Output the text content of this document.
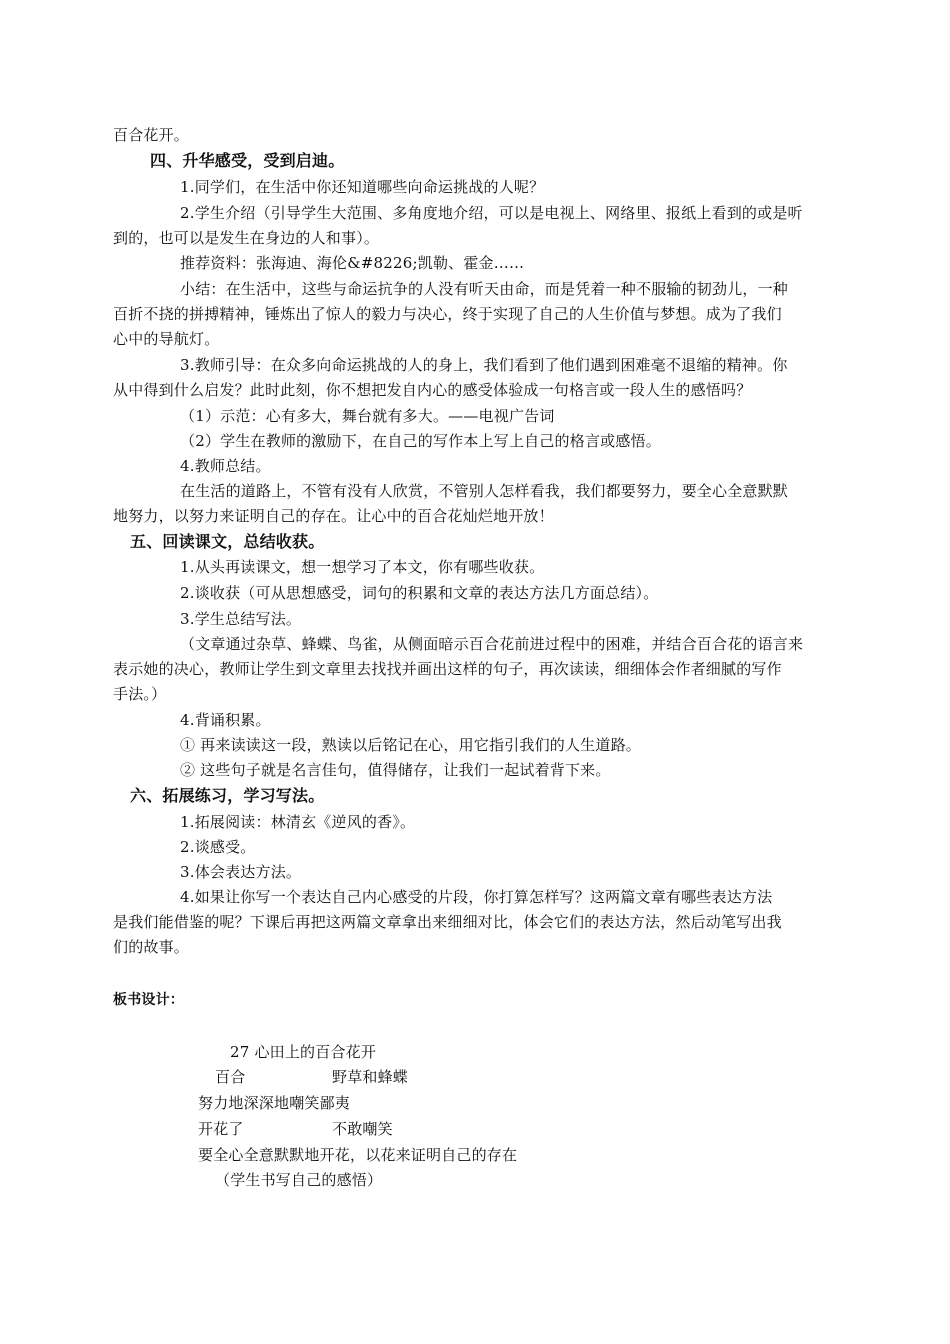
百合花开。
四、升华感受，受到启迪。
1.同学们，在生活中你还知道哪些向命运挑战的人呢？
2.学生介绍（引导学生大范围、多角度地介绍，可以是电视上、网络里、报纸上看到的或是听
到的，也可以是发生在身边的人和事）。
推荐资料：张海迪、海伦&#8226;凯勒、霍金……
小结：在生活中，这些与命运抗争的人没有听天由命，而是凭着一种不服输的韧劲儿，一种
百折不挠的拼搏精神，锤炼出了惊人的毅力与决心，终于实现了自己的人生价值与梦想。成为了我们
心中的导航灯。
3.教师引导：在众多向命运挑战的人的身上，我们看到了他们遇到困难毫不退缩的精神。你
从中得到什么启发？此时此刻，你不想把发自内心的感受体验成一句格言或一段人生的感悟吗？
（1）示范：心有多大，舞台就有多大。——电视广告词
（2）学生在教师的激励下，在自己的写作本上写上自己的格言或感悟。
4.教师总结。
在生活的道路上，不管有没有人欣赏，不管别人怎样看我，我们都要努力，要全心全意默默
地努力，以努力来证明自己的存在。让心中的百合花灿烂地开放！
五、回读课文，总结收获。
1.从头再读课文，想一想学习了本文，你有哪些收获。
2.谈收获（可从思想感受，词句的积累和文章的表达方法几方面总结）。
3.学生总结写法。
（文章通过杂草、蜂蝶、鸟雀，从侧面暗示百合花前进过程中的困难，并结合百合花的语言来
表示她的决心，教师让学生到文章里去找找并画出这样的句子，再次读读，细细体会作者细腻的写作
手法。）
4.背诵积累。
① 再来读读这一段，熟读以后铭记在心，用它指引我们的人生道路。
② 这些句子就是名言佳句，值得储存，让我们一起试着背下来。
六、拓展练习，学习写法。
1.拓展阅读：林清玄《逆风的香》。
2.谈感受。
3.体会表达方法。
4.如果让你写一个表达自己内心感受的片段，你打算怎样写？这两篇文章有哪些表达方法
是我们能借鉴的呢？下课后再把这两篇文章拿出来细细对比，体会它们的表达方法，然后动笔写出我
们的故事。
板书设计：
27 心田上的百合花开
百合	野草和蜂蝶
努力地深深地嘲笑鄙夷
开花了	不敢嘲笑
要全心全意默默地开花，以花来证明自己的存在
（学生书写自己的感悟）
